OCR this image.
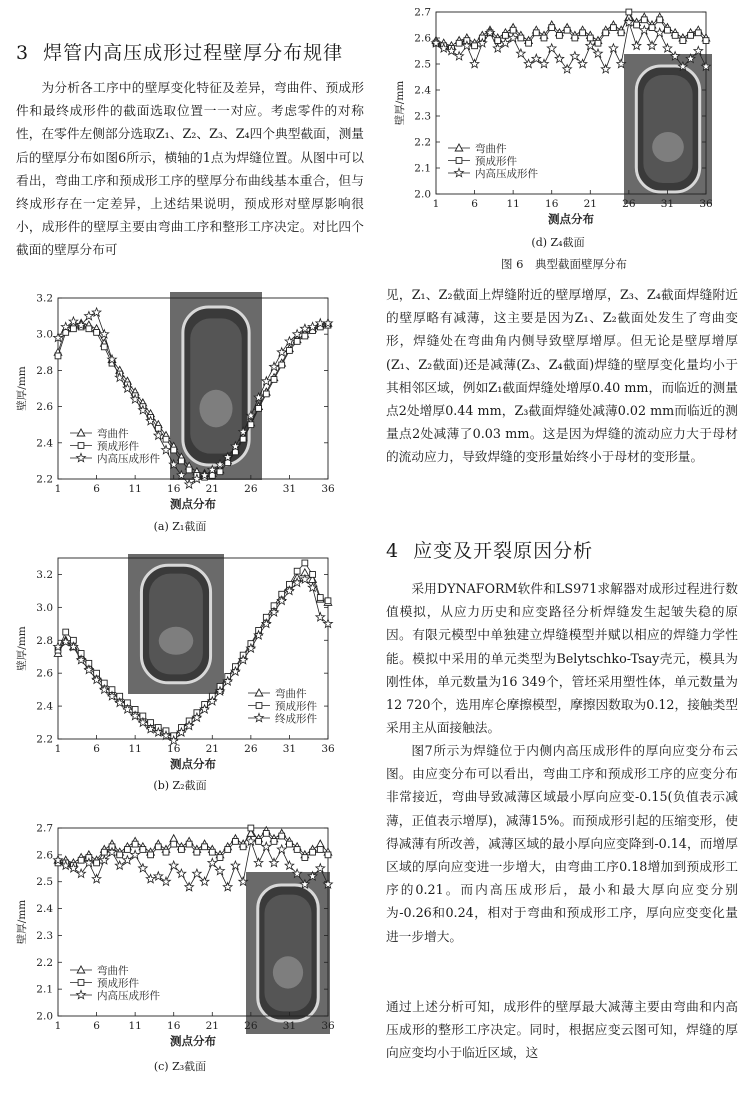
3 焊管内高压成形过程壁厚分布规律
为分析各工序中的壁厚变化特征及差异，弯曲件、预成形件和最终成形件的截面选取位置一一对应。考虑零件的对称性，在零件左侧部分选取Z₁、Z₂、Z₃、Z₄四个典型截面，测量后的壁厚分布如图6所示，横轴的1点为焊缝位置。从图中可以看出，弯曲工序和预成形工序的壁厚分布曲线基本重合，但与终成形存在一定差异，上述结果说明，预成形对壁厚影响很小，成形件的壁厚主要由弯曲工序和整形工序决定。对比四个截面的壁厚分布可
2.2
2.4
2.6
2.8
3.0
3.2
1	6	11 16 21 26 31 36
测点分布
壁厚/mm
弯曲件
预成形件
内高压成形件
(a) Z₁截面
2.2
2.4
2.6
2.8
3.0
3.2
1	6	11 16 21 26 31 36
测点分布
壁厚/mm
弯曲件
预成形件
终成形件
(b) Z₂截面
2.0
2.1
2.2
2.3
2.4
2.5
2.6
2.7
1	6	11 16 21 26 31 36
测点分布
壁厚/mm
弯曲件
预成形件
内高压成形件
(c) Z₃截面
2.0
2.1
2.2
2.3
2.4
2.5
2.6
2.7
1	6	11 16 21 26 31 36
测点分布
壁厚/mm
弯曲件
预成形件
内高压成形件
(d) Z₄截面
图 6　典型截面壁厚分布
见，Z₁、Z₂截面上焊缝附近的壁厚增厚，Z₃、Z₄截面焊缝附近的壁厚略有减薄，这主要是因为Z₁、Z₂截面处发生了弯曲变形，焊缝处在弯曲角内侧导致壁厚增厚。但无论是壁厚增厚(Z₁、Z₂截面)还是减薄(Z₃、Z₄截面)焊缝的壁厚变化量均小于其相邻区域，例如Z₁截面焊缝处增厚0.40 mm，而临近的测量点2处增厚0.44 mm，Z₃截面焊缝处减薄0.02 mm而临近的测量点2处减薄了0.03 mm。这是因为焊缝的流动应力大于母材的流动应力，导致焊缝的变形量始终小于母材的变形量。
4 应变及开裂原因分析
采用DYNAFORM软件和LS971求解器对成形过程进行数值模拟，从应力历史和应变路径分析焊缝发生起皱失稳的原因。有限元模型中单独建立焊缝模型并赋以相应的焊缝力学性能。模拟中采用的单元类型为Belytschko-Tsay壳元，模具为刚性体，单元数量为16 349个，管坯采用塑性体，单元数量为12 720个，选用库仑摩擦模型，摩擦因数取为0.12，接触类型采用主从面接触法。
图7所示为焊缝位于内侧内高压成形件的厚向应变分布云图。由应变分布可以看出，弯曲工序和预成形工序的应变分布非常接近，弯曲导致减薄区域最小厚向应变-0.15(负值表示减薄，正值表示增厚)，减薄15%。而预成形引起的压缩变形，使得减薄有所改善，减薄区域的最小厚向应变降到-0.14，而增厚区域的厚向应变进一步增大，由弯曲工序0.18增加到预成形工序的0.21。而内高压成形后，最小和最大厚向应变分别为-0.26和0.24，相对于弯曲和预成形工序，厚向应变变化量进一步增大。
通过上述分析可知，成形件的壁厚最大减薄主要由弯曲和内高压成形的整形工序决定。同时，根据应变云图可知，焊缝的厚向应变均小于临近区域，这
